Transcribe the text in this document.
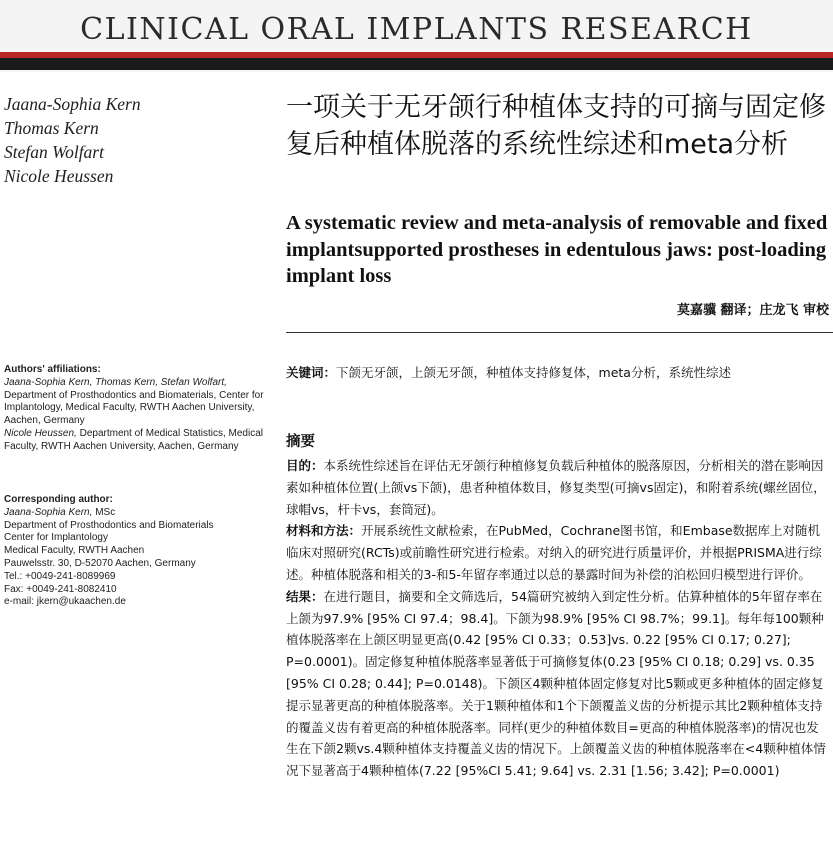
CLINICAL ORAL IMPLANTS RESEARCH
Jaana-Sophia Kern
Thomas Kern
Stefan Wolfart
Nicole Heussen
一项关于无牙颌行种植体支持的可摘与固定修复后种植体脱落的系统性综述和meta分析
A systematic review and meta-analysis of removable and fixed implantsupported prostheses in edentulous jaws: post-loading implant loss
莫嘉骥 翻译；庄龙飞 审校
Authors' affiliations:
Jaana-Sophia Kern, Thomas Kern, Stefan Wolfart, Department of Prosthodontics and Biomaterials, Center for Implantology, Medical Faculty, RWTH Aachen University, Aachen, Germany
Nicole Heussen, Department of Medical Statistics, Medical Faculty, RWTH Aachen University, Aachen, Germany
Corresponding author:
Jaana-Sophia Kern, MSc
Department of Prosthodontics and Biomaterials
Center for Implantology
Medical Faculty, RWTH Aachen
Pauwelsstr. 30, D-52070 Aachen, Germany
Tel.: +0049-241-8089969
Fax: +0049-241-8082410
e-mail: jkern@ukaachen.de
关键词：下颌无牙颌，上颌无牙颌，种植体支持修复体，meta分析，系统性综述
摘要

目的：本系统性综述旨在评估无牙颌行种植修复负载后种植体的脱落原因，分析相关的潜在影响因素如种植体位置(上颌vs下颌)，患者种植体数目，修复类型(可摘vs固定)，和附着系统(螺丝固位，球帽vs，杆卡vs，套筒冠)。

材料和方法：开展系统性文献检索，在PubMed，Cochrane图书馆，和Embase数据库上对随机临床对照研究(RCTs)或前瞻性研究进行检索。对纳入的研究进行质量评价，并根据PRISMA进行综述。种植体脱落和相关的3-和5-年留存率通过以总的暴露时间为补偿的泊松回归模型进行评价。

结果：在进行题目，摘要和全文筛选后，54篇研究被纳入到定性分析。估算种植体的5年留存率在上颌为97.9% [95% CI 97.4；98.4]。下颌为98.9% [95% CI 98.7%；99.1]。每年每100颗种植体脱落率在上颌区明显更高(0.42 [95% CI 0.33；0.53]vs. 0.22 [95% CI 0.17; 0.27]; P=0.0001)。固定修复种植体脱落率显著低于可摘修复体(0.23 [95% CI 0.18; 0.29] vs. 0.35 [95% CI 0.28; 0.44]; P=0.0148)。下颌区4颗种植体固定修复对比5颗或更多种植体的固定修复提示显著更高的种植体脱落率。关于1颗种植体和1个下颌覆盖义齿的分析提示其比2颗种植体支持的覆盖义齿有着更高的种植体脱落率。同样(更少的种植体数目=更高的种植体脱落率)的情况也发生在下颌2颗vs.4颗种植体支持覆盖义齿的情况下。上颌覆盖义齿的种植体脱落率在<4颗种植体情况下显著高于4颗种植体(7.22 [95%CI 5.41; 9.64] vs. 2.31 [1.56; 3.42]; P=0.0001)
